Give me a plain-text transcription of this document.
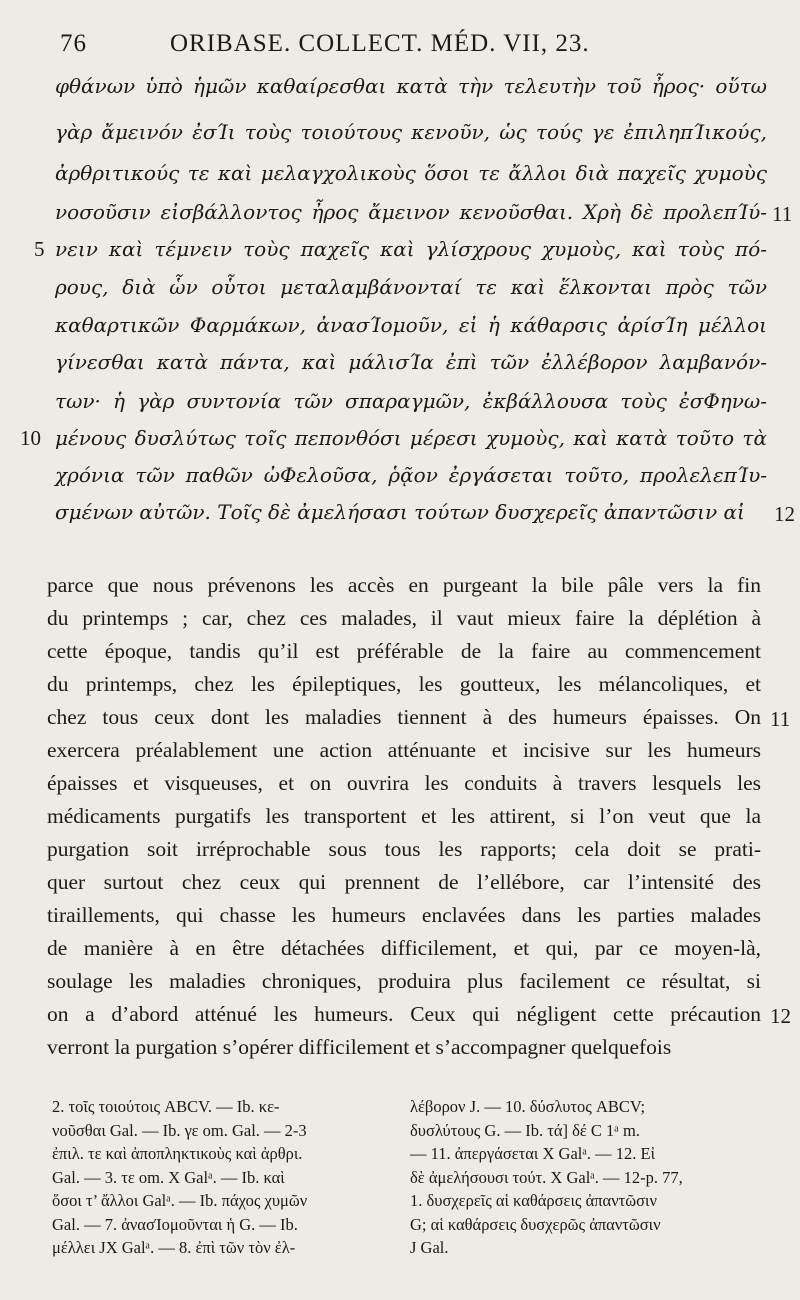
76	ORIBASE. COLLECT. MÉD. VII, 23.
φθάνων ὑπὸ ἡμῶν καθαίρεσθαι κατὰ τὴν τελευτὴν τοῦ ἦρος· οὕτω
γὰρ ἄμεινόν ἐσΊι τοὺς τοιούτους κενοῦν, ὡς τούς γε ἐπιληπΊικούς,
ἀρθριτικούς τε καὶ μελαγχολικοὺς ὅσοι τε ἄλλοι διὰ παχεῖς χυμοὺς
νοσοῦσιν εἰσβάλλοντος ἦρος ἄμεινον κενοῦσθαι. Χρὴ δὲ προλεπΊύ-
νειν καὶ τέμνειν τοὺς παχεῖς καὶ γλίσχρους χυμοὺς, καὶ τοὺς πό-
ρους, διὰ ὧν οὗτοι μεταλαμβάνονταί τε καὶ ἕλκονται πρὸς τῶν
καθαρτικῶν Φαρμάκων, ἀνασΊομοῦν, εἰ ἡ κάθαρσις ἀρίσΊη μέλλοι
γίνεσθαι κατὰ πάντα, καὶ μάλισΊα ἐπὶ τῶν ἐλλέβορον λαμβανόν-
των· ἡ γὰρ συντονία τῶν σπαραγμῶν, ἐκβάλλουσα τοὺς ἐσΦηνω-
μένους δυσλύτως τοῖς πεπονθόσι μέρεσι χυμοὺς, καὶ κατὰ τοῦτο τὰ
χρόνια τῶν παθῶν ὠΦελοῦσα, ῥᾷον ἐργάσεται τοῦτο, προλελεπΊυ-
σμένων αὐτῶν. Τοῖς δὲ ἀμελήσασι τούτων δυσχερεῖς ἀπαντῶσιν αἱ
5
10
11
12
parce que nous prévenons les accès en purgeant la bile pâle vers la fin
du printemps ; car, chez ces malades, il vaut mieux faire la déplétion à
cette époque, tandis qu’il est préférable de la faire au commencement
du printemps, chez les épileptiques, les goutteux, les mélancoliques, et
chez tous ceux dont les maladies tiennent à des humeurs épaisses. On
exercera préalablement une action atténuante et incisive sur les humeurs
épaisses et visqueuses, et on ouvrira les conduits à travers lesquels les
médicaments purgatifs les transportent et les attirent, si l’on veut que la
purgation soit irréprochable sous tous les rapports; cela doit se prati-
quer surtout chez ceux qui prennent de l’ellébore, car l’intensité des
tiraillements, qui chasse les humeurs enclavées dans les parties malades
de manière à en être détachées difficilement, et qui, par ce moyen-là,
soulage les maladies chroniques, produira plus facilement ce résultat, si
on a d’abord atténué les humeurs. Ceux qui négligent cette précaution
verront la purgation s’opérer difficilement et s’accompagner quelquefois
11
12
2. τοῖς τοιούτοις ABCV. — Ib. κε-
νοῦσθαι Gal. — Ib. γε om. Gal. — 2-3
ἐπιλ. τε καὶ ἀποπληκτικοὺς καὶ ἀρθρι.
Gal. — 3. τε om. X Galᵃ. — Ib. καὶ
ὅσοι τ’ ἄλλοι Galᵃ. — Ib. πάχος χυμῶν
Gal. — 7. ἀνασΊομοῦνται ἡ G. — Ib.
μέλλει JX Galᵃ. — 8. ἐπὶ τῶν τὸν ἐλ-
λέβορον J. — 10. δύσλυτος ABCV;
δυσλύτους G. — Ib. τά] δέ C 1ᵃ m.
— 11. ἀπεργάσεται X Galᵃ. — 12. Εἰ
δὲ ἀμελήσουσι τούτ. X Galᵃ. — 12-p. 77,
1. δυσχερεῖς αἱ καθάρσεις ἀπαντῶσιν
G; αἱ καθάρσεις δυσχερῶς ἀπαντῶσιν
J Gal.
